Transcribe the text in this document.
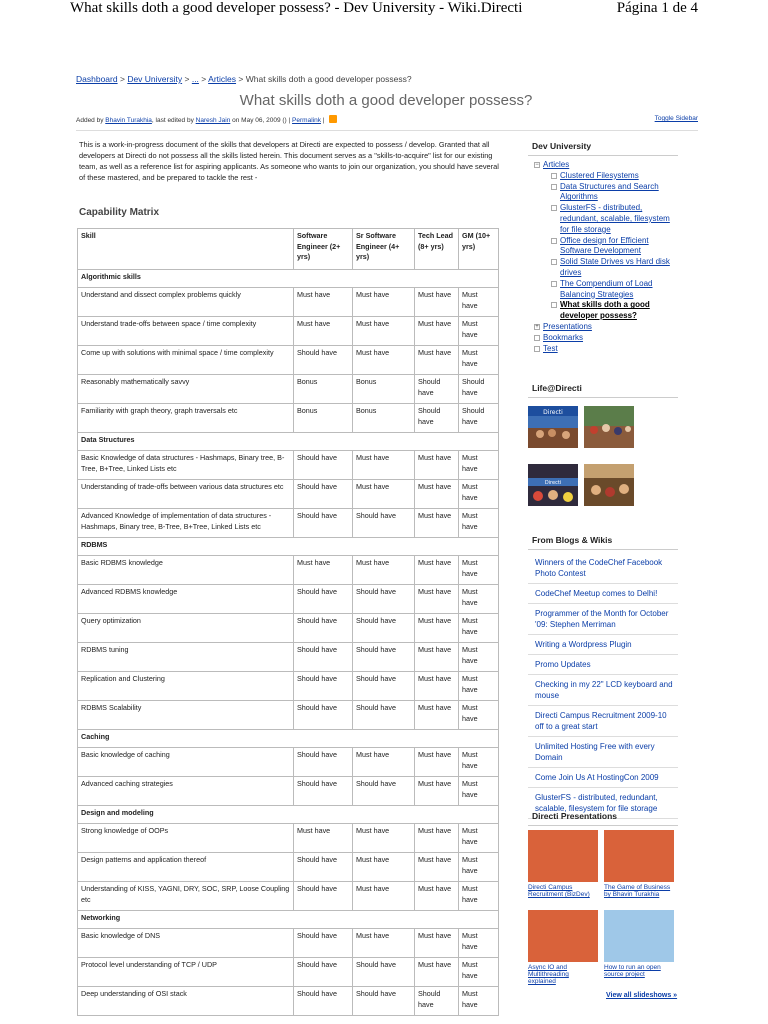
What skills doth a good developer possess? - Dev University - Wiki.Directi	Página 1 de 4
Dashboard > Dev University > ... > Articles > What skills doth a good developer possess?
What skills doth a good developer possess?
Added by Bhavin Turakhia, last edited by Naresh Jain on May 06, 2009 () | Permalink |	Toggle Sidebar

This is a work-in-progress document of the skills that developers at Directi are expected to possess / develop. Granted that all developers at Directi do not possess all the skills listed herein. This document serves as a "skills-to-acquire" list for our existing team, as well as a reference list for aspiring applicants. As someone who wants to join our organization, you should have several of these mastered, and be prepared to tackle the rest -

Capability Matrix
Skill	Software Engineer (2+ yrs)	Sr Software Engineer (4+ yrs)	Tech Lead (8+ yrs)	GM (10+ yrs)
Algorithmic skills				
Understand and dissect complex problems quickly	Must have	Must have	Must have	Must have
Understand trade-offs between space / time complexity	Must have	Must have	Must have	Must have
Come up with solutions with minimal space / time complexity	Should have	Must have	Must have	Must have
Reasonably mathematically savvy	Bonus	Bonus	Should have	Should have
Familiarity with graph theory, graph traversals etc	Bonus	Bonus	Should have	Should have
Data Structures				
Basic Knowledge of data structures - Hashmaps, Binary tree, B-Tree, B+Tree, Linked Lists etc	Should have	Must have	Must have	Must have
Understanding of trade-offs between various data structures etc	Should have	Must have	Must have	Must have
Advanced Knowledge of implementation of data structures - Hashmaps, Binary tree, B-Tree, B+Tree, Linked Lists etc	Should have	Should have	Must have	Must have
RDBMS				
Basic RDBMS knowledge	Must have	Must have	Must have	Must have
Advanced RDBMS knowledge	Should have	Should have	Must have	Must have
Query optimization	Should have	Should have	Must have	Must have
RDBMS tuning	Should have	Should have	Must have	Must have
Replication and Clustering	Should have	Should have	Must have	Must have
RDBMS Scalability	Should have	Should have	Must have	Must have
Caching				
Basic knowledge of caching	Should have	Must have	Must have	Must have
Advanced caching strategies	Should have	Should have	Must have	Must have
Design and modeling				
Strong knowledge of OOPs	Must have	Must have	Must have	Must have
Design patterns and application thereof	Should have	Must have	Must have	Must have
Understanding of KISS, YAGNI, DRY, SOC, SRP, Loose Coupling etc	Should have	Must have	Must have	Must have
Networking				
Basic knowledge of DNS	Should have	Must have	Must have	Must have
Protocol level understanding of TCP / UDP	Should have	Should have	Must have	Must have
Deep understanding of OSI stack	Should have	Should have	Should have	Must have
Dev University
− Articles
Clustered Filesystems
Data Structures and Search Algorithms
GlusterFS - distributed, redundant, scalable, filesystem for file storage
Office design for Efficient Software Development
Solid State Drives vs Hard disk drives
The Compendium of Load Balancing Strategies
What skills doth a good developer possess?
+ Presentations
Bookmarks
Test
Life@Directi
Directi
Directi
From Blogs & Wikis
Winners of the CodeChef Facebook Photo Contest
CodeChef Meetup comes to Delhi!
Programmer of the Month for October '09: Stephen Merriman
Writing a Wordpress Plugin
Promo Updates
Checking in my 22" LCD keyboard and mouse
Directi Campus Recruitment 2009-10 off to a great start
Unlimited Hosting Free with every Domain
Come Join Us At HostingCon 2009
GlusterFS - distributed, redundant, scalable, filesystem for file storage
Directi Presentations
Directi Campus Recruitment (BizDev)
The Game of Business by Bhavin Turakhia
Async IO and Multithreading explained
How to run an open source project
View all slideshows »
